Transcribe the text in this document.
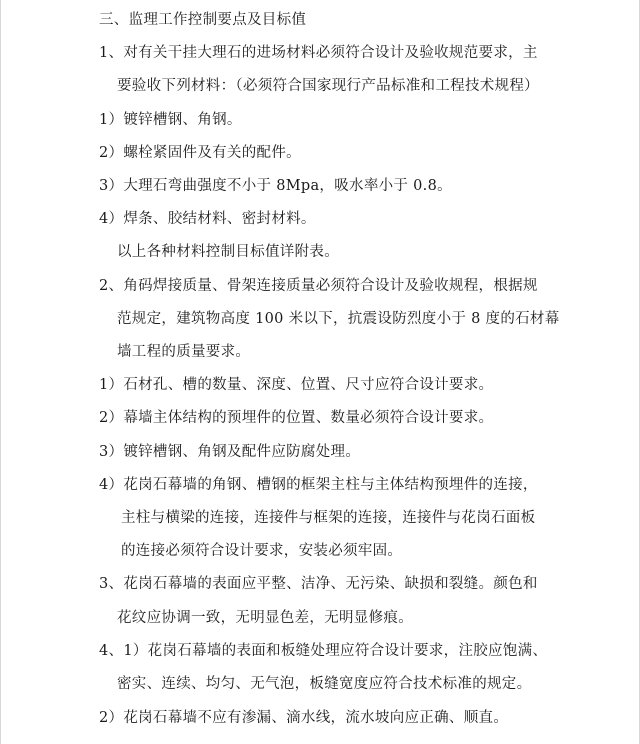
三、监理工作控制要点及目标值
1、对有关干挂大理石的进场材料必须符合设计及验收规范要求，主
要验收下列材料：（必须符合国家现行产品标准和工程技术规程）
1）镀锌槽钢、角钢。
2）螺栓紧固件及有关的配件。
3）大理石弯曲强度不小于 8Mpa，吸水率小于 0.8。
4）焊条、胶结材料、密封材料。
以上各种材料控制目标值详附表。
2、角码焊接质量、骨架连接质量必须符合设计及验收规程，根据规
范规定，建筑物高度 100 米以下，抗震设防烈度小于 8 度的石材幕
墙工程的质量要求。
1）石材孔、槽的数量、深度、位置、尺寸应符合设计要求。
2）幕墙主体结构的预埋件的位置、数量必须符合设计要求。
3）镀锌槽钢、角钢及配件应防腐处理。
4）花岗石幕墙的角钢、槽钢的框架主柱与主体结构预埋件的连接，
主柱与横梁的连接，连接件与框架的连接，连接件与花岗石面板
的连接必须符合设计要求，安装必须牢固。
3、花岗石幕墙的表面应平整、洁净、无污染、缺损和裂缝。颜色和
花纹应协调一致，无明显色差，无明显修痕。
4、1）花岗石幕墙的表面和板缝处理应符合设计要求，注胶应饱满、
密实、连续、均匀、无气泡，板缝宽度应符合技术标准的规定。
2）花岗石幕墙不应有渗漏、滴水线，流水坡向应正确、顺直。
